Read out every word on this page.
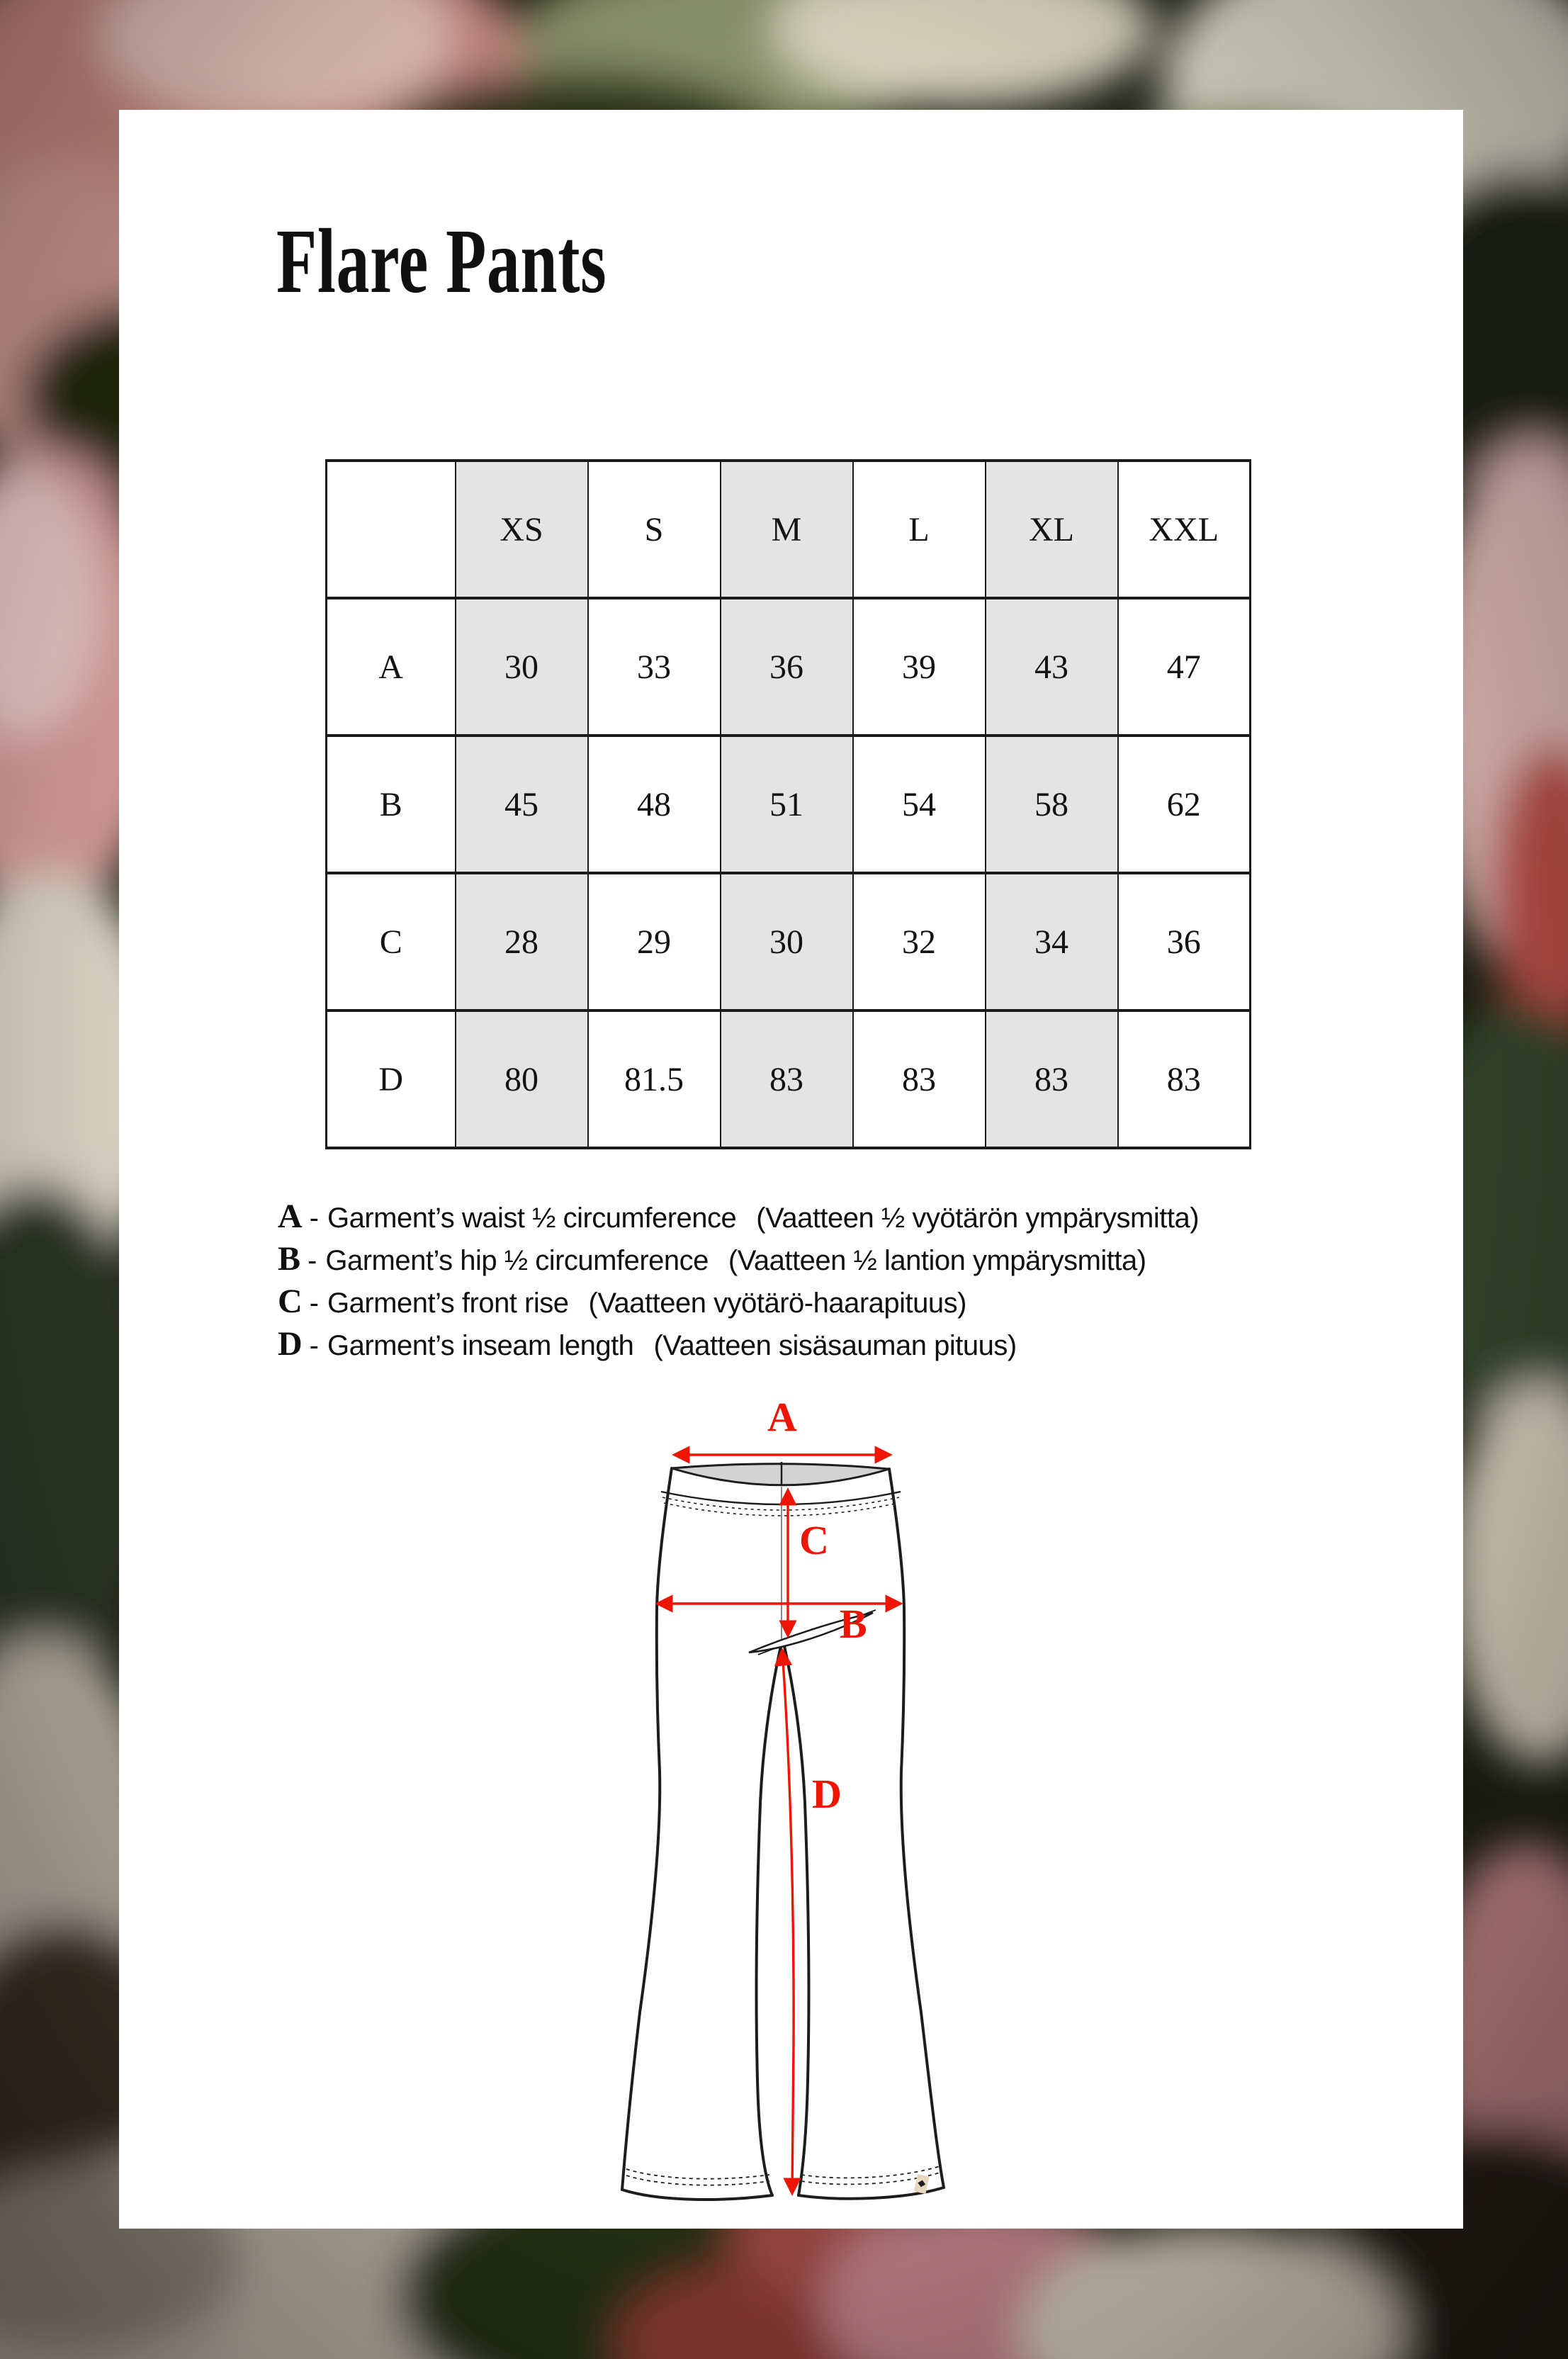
Flare Pants
	XS	S	M	L	XL	XXL
A	30	33	36	39	43	47
B	45	48	51	54	58	62
C	28	29	30	32	34	36
D	80	81.5	83	83	83	83
A - Garment’s waist ½ circumference (Vaatteen ½ vyötärön ympärysmitta)
B - Garment’s hip ½ circumference (Vaatteen ½ lantion ympärysmitta)
C - Garment’s front rise (Vaatteen vyötärö-haarapituus)
D - Garment’s inseam length (Vaatteen sisäsauman pituus)
A
C
B
D
